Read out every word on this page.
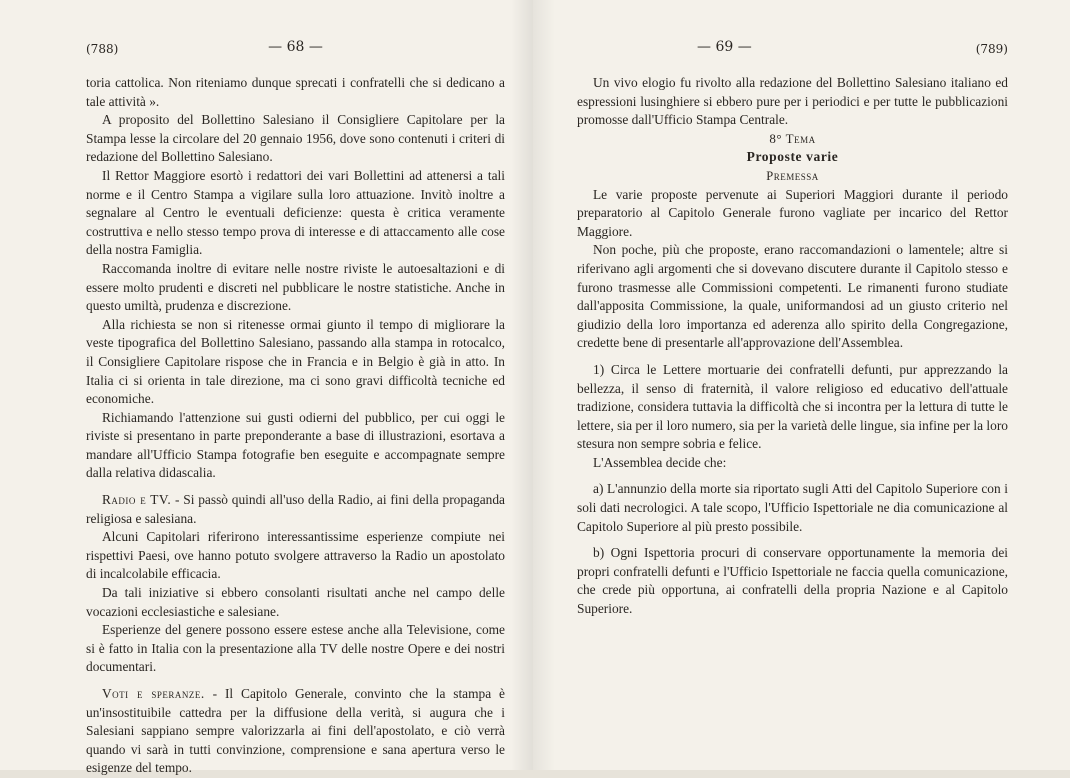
(788)	— 68 —

toria cattolica. Non riteniamo dunque sprecati i confratelli che si dedicano a tale attività ».

A proposito del Bollettino Salesiano il Consigliere Capitolare per la Stampa lesse la circolare del 20 gennaio 1956, dove sono contenuti i criteri di redazione del Bollettino Salesiano.

Il Rettor Maggiore esortò i redattori dei vari Bollettini ad attenersi a tali norme e il Centro Stampa a vigilare sulla loro attuazione. Invitò inoltre a segnalare al Centro le eventuali deficienze: questa è critica veramente costruttiva e nello stesso tempo prova di interesse e di attaccamento alle cose della nostra Famiglia.

Raccomanda inoltre di evitare nelle nostre riviste le autoesaltazioni e di essere molto prudenti e discreti nel pubblicare le nostre statistiche. Anche in questo umiltà, prudenza e discrezione.

Alla richiesta se non si ritenesse ormai giunto il tempo di migliorare la veste tipografica del Bollettino Salesiano, passando alla stampa in rotocalco, il Consigliere Capitolare rispose che in Francia e in Belgio è già in atto. In Italia ci si orienta in tale direzione, ma ci sono gravi difficoltà tecniche ed economiche.

Richiamando l'attenzione sui gusti odierni del pubblico, per cui oggi le riviste si presentano in parte preponderante a base di illustrazioni, esortava a mandare all'Ufficio Stampa fotografie ben eseguite e accompagnate sempre dalla relativa didascalia.

Radio e TV. - Si passò quindi all'uso della Radio, ai fini della propaganda religiosa e salesiana.

Alcuni Capitolari riferirono interessantissime esperienze compiute nei rispettivi Paesi, ove hanno potuto svolgere attraverso la Radio un apostolato di incalcolabile efficacia.

Da tali iniziative si ebbero consolanti risultati anche nel campo delle vocazioni ecclesiastiche e salesiane.

Esperienze del genere possono essere estese anche alla Televisione, come si è fatto in Italia con la presentazione alla TV delle nostre Opere e dei nostri documentari.

Voti e speranze. - Il Capitolo Generale, convinto che la stampa è un'insostituibile cattedra per la diffusione della verità, si augura che i Salesiani sappiano sempre valorizzarla ai fini dell'apostolato, e ciò verrà quando vi sarà in tutti convinzione, comprensione e sana apertura verso le esigenze del tempo.

— 69 —	(789)

Un vivo elogio fu rivolto alla redazione del Bollettino Salesiano italiano ed espressioni lusinghiere si ebbero pure per i periodici e per tutte le pubblicazioni promosse dall'Ufficio Stampa Centrale.

8° Tema

Proposte varie

Premessa

Le varie proposte pervenute ai Superiori Maggiori durante il periodo preparatorio al Capitolo Generale furono vagliate per incarico del Rettor Maggiore.

Non poche, più che proposte, erano raccomandazioni o lamentele; altre si riferivano agli argomenti che si dovevano discutere durante il Capitolo stesso e furono trasmesse alle Commissioni competenti. Le rimanenti furono studiate dall'apposita Commissione, la quale, uniformandosi ad un giusto criterio nel giudizio della loro importanza ed aderenza allo spirito della Congregazione, credette bene di presentarle all'approvazione dell'Assemblea.

1) Circa le Lettere mortuarie dei confratelli defunti, pur apprezzando la bellezza, il senso di fraternità, il valore religioso ed educativo dell'attuale tradizione, considera tuttavia la difficoltà che si incontra per la lettura di tutte le lettere, sia per il loro numero, sia per la varietà delle lingue, sia infine per la loro stesura non sempre sobria e felice.

L'Assemblea decide che:

a) L'annunzio della morte sia riportato sugli Atti del Capitolo Superiore con i soli dati necrologici. A tale scopo, l'Ufficio Ispettoriale ne dia comunicazione al Capitolo Superiore al più presto possibile.

b) Ogni Ispettoria procuri di conservare opportunamente la memoria dei propri confratelli defunti e l'Ufficio Ispettoriale ne faccia quella comunicazione, che crede più opportuna, ai confratelli della propria Nazione e al Capitolo Superiore.
